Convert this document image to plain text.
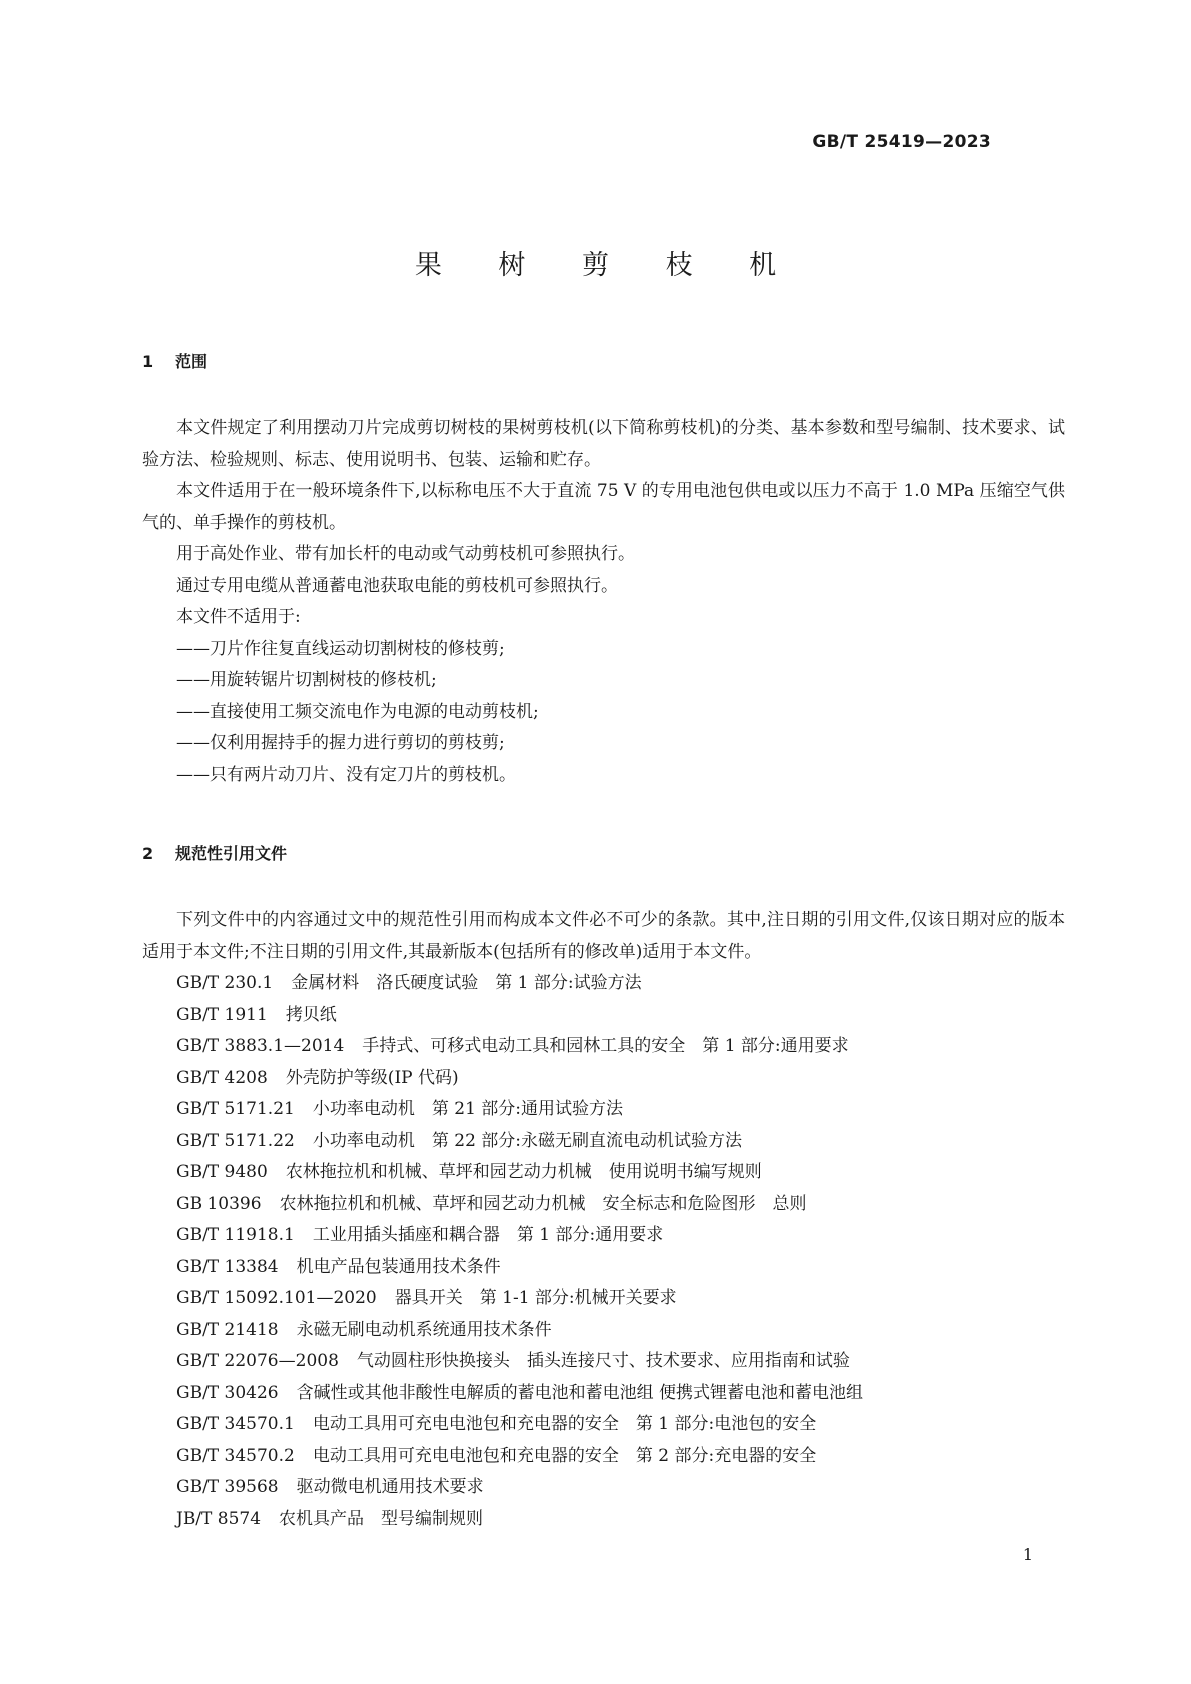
GB/T 25419—2023
果 树 剪 枝 机
1 范围

本文件规定了利用摆动刀片完成剪切树枝的果树剪枝机(以下简称剪枝机)的分类、基本参数和型号编制、技术要求、试验方法、检验规则、标志、使用说明书、包装、运输和贮存。

本文件适用于在一般环境条件下,以标称电压不大于直流 75 V 的专用电池包供电或以压力不高于 1.0 MPa 压缩空气供气的、单手操作的剪枝机。

用于高处作业、带有加长杆的电动或气动剪枝机可参照执行。

通过专用电缆从普通蓄电池获取电能的剪枝机可参照执行。

本文件不适用于:

——刀片作往复直线运动切割树枝的修枝剪;

——用旋转锯片切割树枝的修枝机;

——直接使用工频交流电作为电源的电动剪枝机;

——仅利用握持手的握力进行剪切的剪枝剪;

——只有两片动刀片、没有定刀片的剪枝机。

2 规范性引用文件

下列文件中的内容通过文中的规范性引用而构成本文件必不可少的条款。其中,注日期的引用文件,仅该日期对应的版本适用于本文件;不注日期的引用文件,其最新版本(包括所有的修改单)适用于本文件。

GB/T 230.1 金属材料　洛氏硬度试验　第 1 部分:试验方法

GB/T 1911 拷贝纸

GB/T 3883.1—2014 手持式、可移式电动工具和园林工具的安全　第 1 部分:通用要求

GB/T 4208 外壳防护等级(IP 代码)

GB/T 5171.21 小功率电动机　第 21 部分:通用试验方法

GB/T 5171.22 小功率电动机　第 22 部分:永磁无刷直流电动机试验方法

GB/T 9480 农林拖拉机和机械、草坪和园艺动力机械　使用说明书编写规则

GB 10396 农林拖拉机和机械、草坪和园艺动力机械　安全标志和危险图形　总则

GB/T 11918.1 工业用插头插座和耦合器　第 1 部分:通用要求

GB/T 13384 机电产品包装通用技术条件

GB/T 15092.101—2020 器具开关　第 1-1 部分:机械开关要求

GB/T 21418 永磁无刷电动机系统通用技术条件

GB/T 22076—2008 气动圆柱形快换接头　插头连接尺寸、技术要求、应用指南和试验

GB/T 30426 含碱性或其他非酸性电解质的蓄电池和蓄电池组 便携式锂蓄电池和蓄电池组

GB/T 34570.1 电动工具用可充电电池包和充电器的安全　第 1 部分:电池包的安全

GB/T 34570.2 电动工具用可充电电池包和充电器的安全　第 2 部分:充电器的安全

GB/T 39568 驱动微电机通用技术要求

JB/T 8574 农机具产品　型号编制规则

1
